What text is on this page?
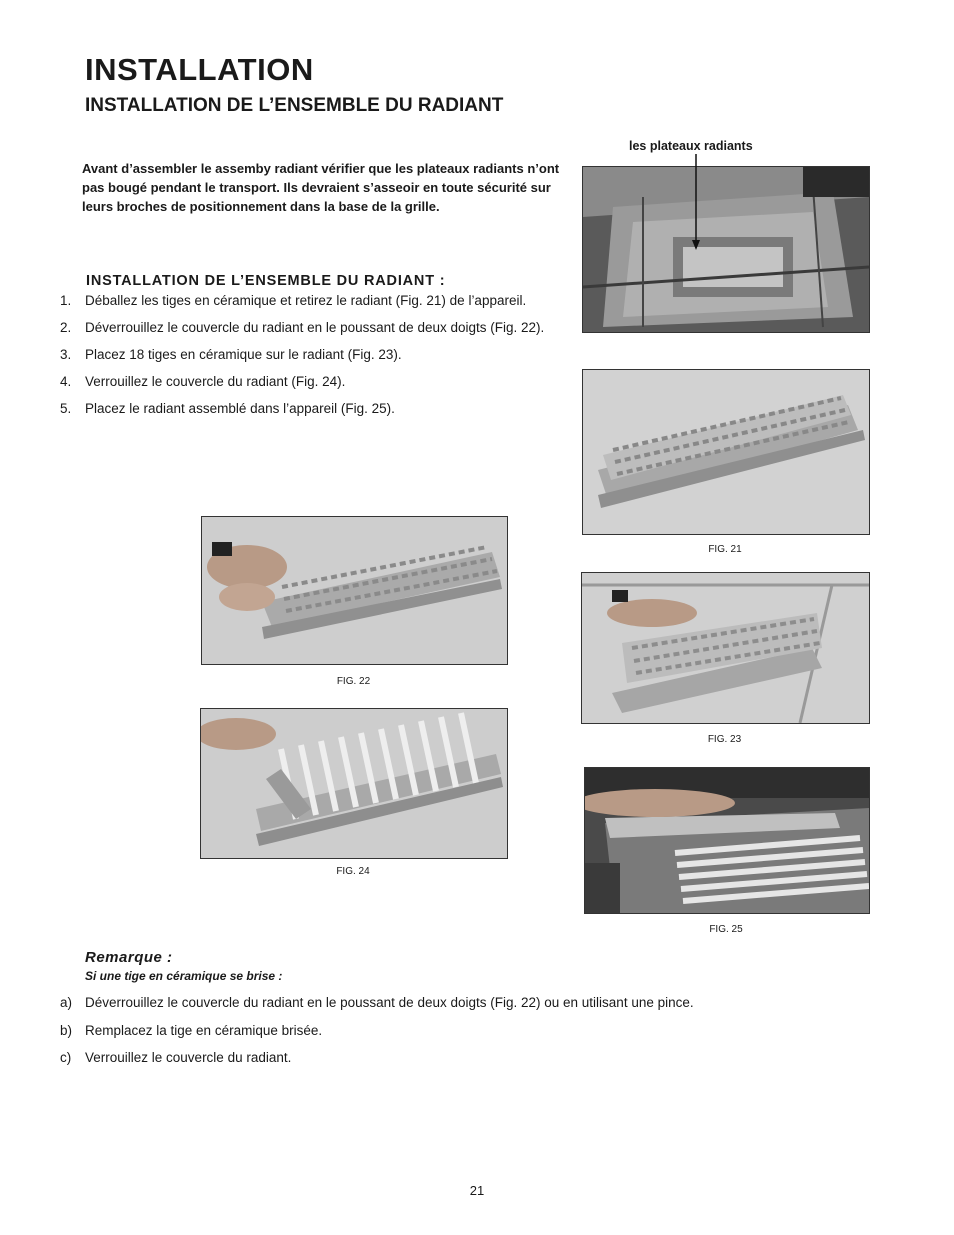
INSTALLATION
INSTALLATION DE L’ENSEMBLE DU RADIANT
Avant d’assembler le assemby radiant vérifier que les plateaux radiants n’ont pas bougé pendant le transport. Ils devraient s’asseoir en toute sécurité sur leurs broches de positionnement dans la base de la grille.
INSTALLATION DE L’ENSEMBLE DU RADIANT :
1. Déballez les tiges en céramique et retirez le radiant (Fig. 21) de l’appareil.
2. Déverrouillez le couvercle du radiant en le poussant de deux doigts (Fig. 22).
3. Placez 18 tiges en céramique sur le radiant (Fig. 23).
4. Verrouillez le couvercle du radiant (Fig. 24).
5. Placez le radiant assemblé dans l’appareil (Fig. 25).
les plateaux radiants
FIG. 21
FIG. 22
FIG. 23
FIG. 24
FIG. 25
Remarque :
Si une tige en céramique se brise :
a) Déverrouillez le couvercle du radiant en le poussant de deux doigts (Fig. 22) ou en utilisant une pince.
b) Remplacez la tige en céramique brisée.
c) Verrouillez le couvercle du radiant.
21
